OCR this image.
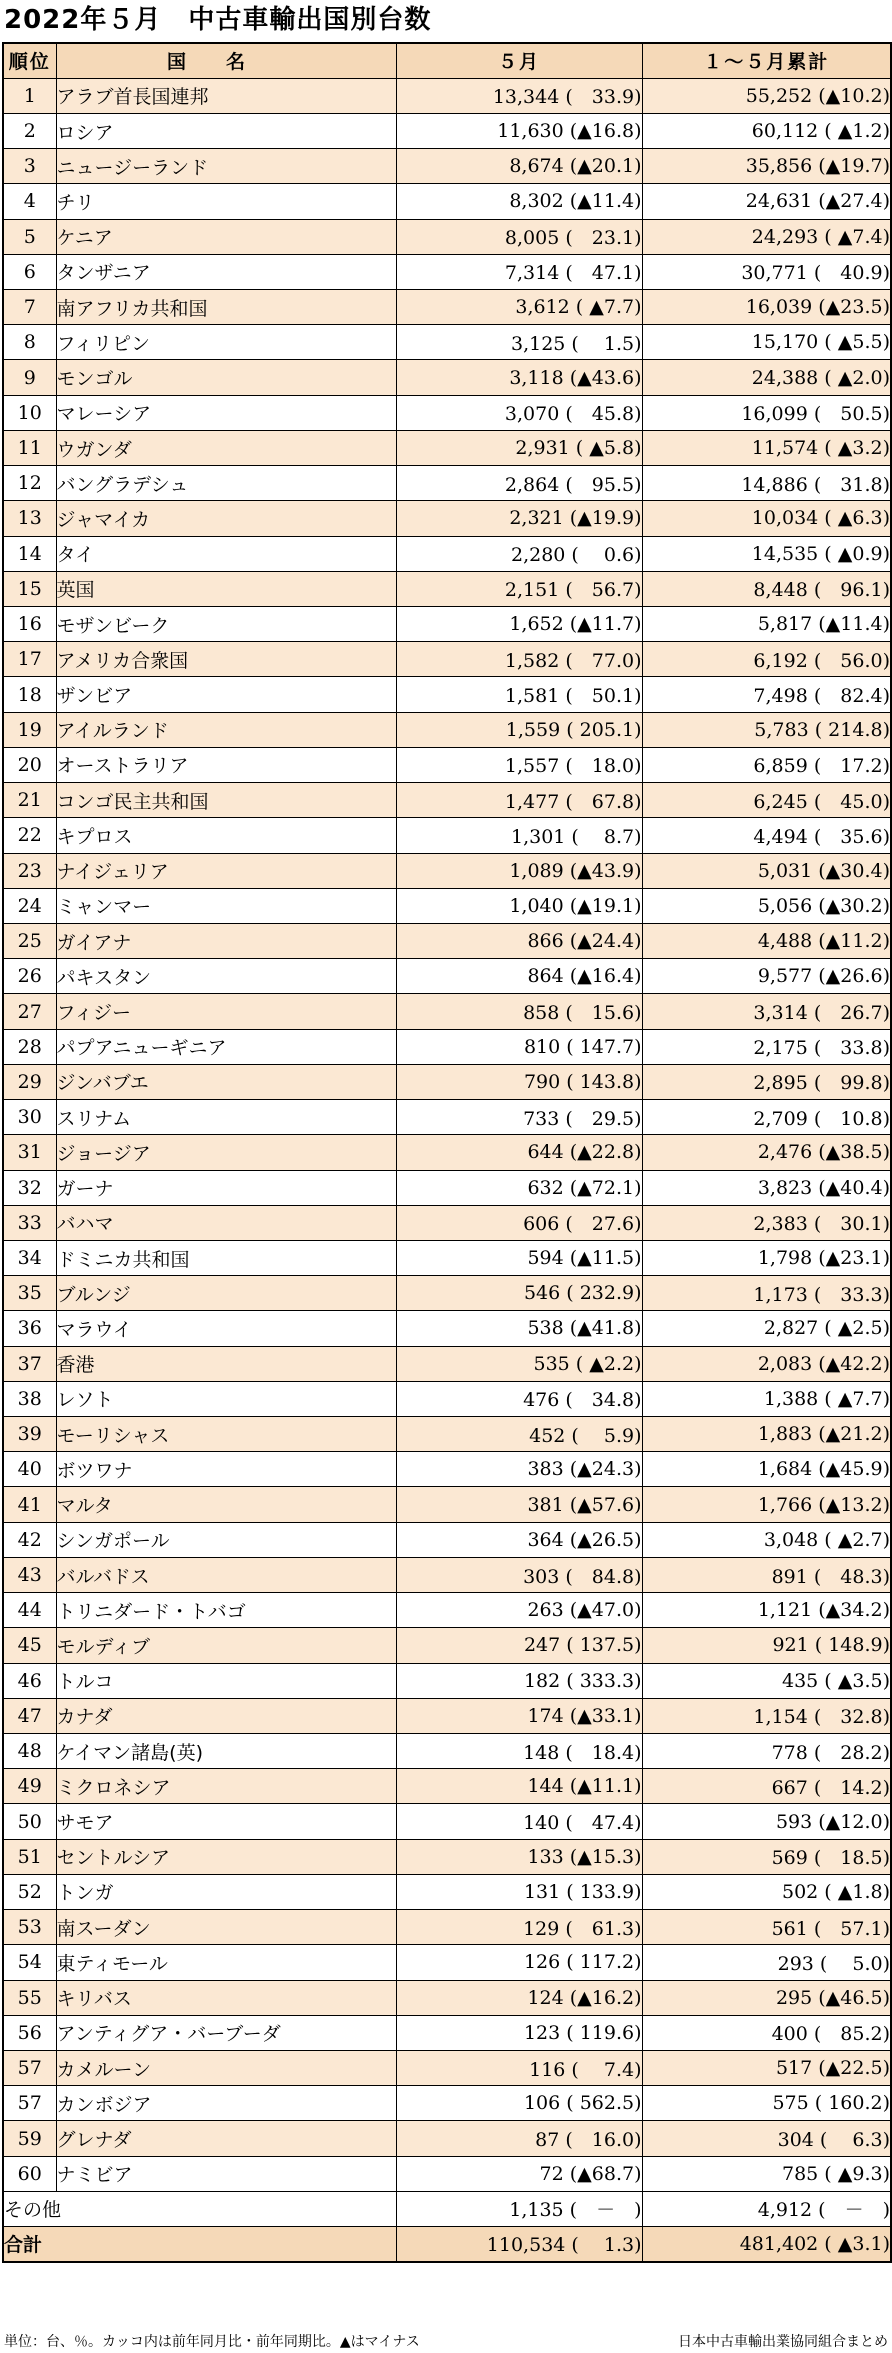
2022年５月　中古車輸出国別台数
順位	国名	５月	１～５月累計
1	アラブ首長国連邦	13,344 (　33.9)	55,252 (▲10.2)
2	ロシア	11,630 (▲16.8)	60,112 ( ▲1.2)
3	ニュージーランド	8,674 (▲20.1)	35,856 (▲19.7)
4	チリ	8,302 (▲11.4)	24,631 (▲27.4)
5	ケニア	8,005 (　23.1)	24,293 ( ▲7.4)
6	タンザニア	7,314 (　47.1)	30,771 (　40.9)
7	南アフリカ共和国	3,612 ( ▲7.7)	16,039 (▲23.5)
8	フィリピン	3,125 (　 1.5)	15,170 ( ▲5.5)
9	モンゴル	3,118 (▲43.6)	24,388 ( ▲2.0)
10	マレーシア	3,070 (　45.8)	16,099 (　50.5)
11	ウガンダ	2,931 ( ▲5.8)	11,574 ( ▲3.2)
12	バングラデシュ	2,864 (　95.5)	14,886 (　31.8)
13	ジャマイカ	2,321 (▲19.9)	10,034 ( ▲6.3)
14	タイ	2,280 (　 0.6)	14,535 ( ▲0.9)
15	英国	2,151 (　56.7)	8,448 (　96.1)
16	モザンビーク	1,652 (▲11.7)	5,817 (▲11.4)
17	アメリカ合衆国	1,582 (　77.0)	6,192 (　56.0)
18	ザンビア	1,581 (　50.1)	7,498 (　82.4)
19	アイルランド	1,559 ( 205.1)	5,783 ( 214.8)
20	オーストラリア	1,557 (　18.0)	6,859 (　17.2)
21	コンゴ民主共和国	1,477 (　67.8)	6,245 (　45.0)
22	キプロス	1,301 (　 8.7)	4,494 (　35.6)
23	ナイジェリア	1,089 (▲43.9)	5,031 (▲30.4)
24	ミャンマー	1,040 (▲19.1)	5,056 (▲30.2)
25	ガイアナ	866 (▲24.4)	4,488 (▲11.2)
26	パキスタン	864 (▲16.4)	9,577 (▲26.6)
27	フィジー	858 (　15.6)	3,314 (　26.7)
28	パプアニューギニア	810 ( 147.7)	2,175 (　33.8)
29	ジンバブエ	790 ( 143.8)	2,895 (　99.8)
30	スリナム	733 (　29.5)	2,709 (　10.8)
31	ジョージア	644 (▲22.8)	2,476 (▲38.5)
32	ガーナ	632 (▲72.1)	3,823 (▲40.4)
33	バハマ	606 (　27.6)	2,383 (　30.1)
34	ドミニカ共和国	594 (▲11.5)	1,798 (▲23.1)
35	ブルンジ	546 ( 232.9)	1,173 (　33.3)
36	マラウイ	538 (▲41.8)	2,827 ( ▲2.5)
37	香港	535 ( ▲2.2)	2,083 (▲42.2)
38	レソト	476 (　34.8)	1,388 ( ▲7.7)
39	モーリシャス	452 (　 5.9)	1,883 (▲21.2)
40	ボツワナ	383 (▲24.3)	1,684 (▲45.9)
41	マルタ	381 (▲57.6)	1,766 (▲13.2)
42	シンガポール	364 (▲26.5)	3,048 ( ▲2.7)
43	バルバドス	303 (　84.8)	891 (　48.3)
44	トリニダード・トバゴ	263 (▲47.0)	1,121 (▲34.2)
45	モルディブ	247 ( 137.5)	921 ( 148.9)
46	トルコ	182 ( 333.3)	435 ( ▲3.5)
47	カナダ	174 (▲33.1)	1,154 (　32.8)
48	ケイマン諸島(英)	148 (　18.4)	778 (　28.2)
49	ミクロネシア	144 (▲11.1)	667 (　14.2)
50	サモア	140 (　47.4)	593 (▲12.0)
51	セントルシア	133 (▲15.3)	569 (　18.5)
52	トンガ	131 ( 133.9)	502 ( ▲1.8)
53	南スーダン	129 (　61.3)	561 (　57.1)
54	東ティモール	126 ( 117.2)	293 (　 5.0)
55	キリバス	124 (▲16.2)	295 (▲46.5)
56	アンティグア・バーブーダ	123 ( 119.6)	400 (　85.2)
57	カメルーン	116 (　 7.4)	517 (▲22.5)
57	カンボジア	106 ( 562.5)	575 ( 160.2)
59	グレナダ	87 (　16.0)	304 (　 6.3)
60	ナミビア	72 (▲68.7)	785 ( ▲9.3)
その他		1,135 (　－　)	4,912 (　－　)
合計		110,534 (　 1.3)	481,402 ( ▲3.1)
単位：台、％。カッコ内は前年同月比・前年同期比。▲はマイナス	日本中古車輸出業協同組合まとめ
